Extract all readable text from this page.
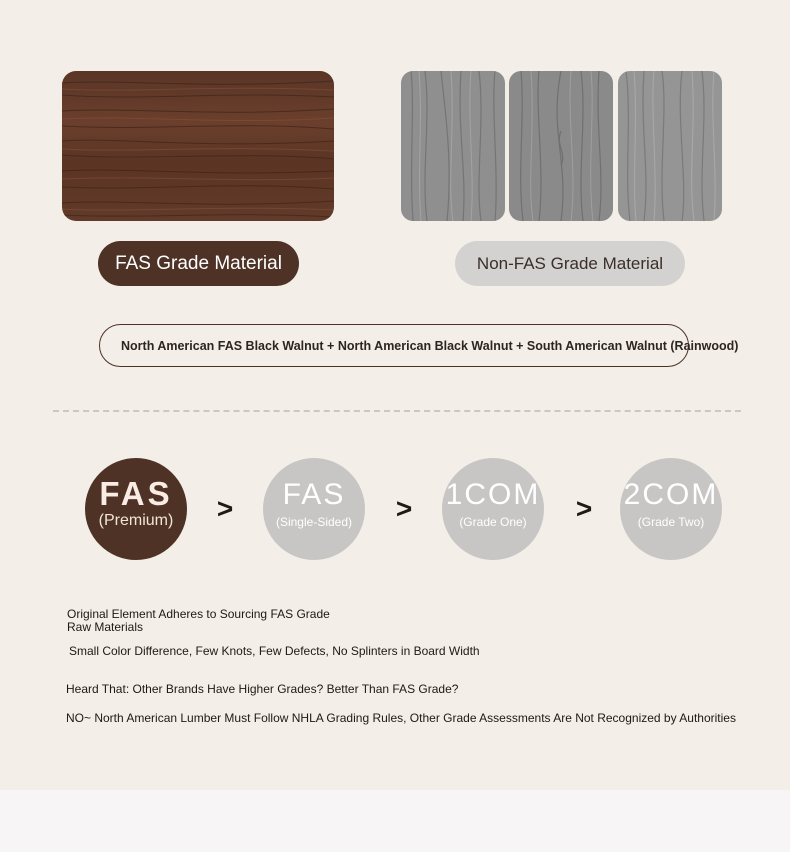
FAS Grade Material	Non-FAS Grade Material
North American FAS Black Walnut + North American Black Walnut + South American Walnut (Rainwood)
FAS
(Premium)	>	FAS
(Single-Sided)	> 1COM
(Grade One)	> 2COM
(Grade Two)
Original Element Adheres to Sourcing FAS Grade
Raw Materials
Small Color Difference, Few Knots, Few Defects, No Splinters in Board Width
Heard That: Other Brands Have Higher Grades? Better Than FAS Grade?
NO~ North American Lumber Must Follow NHLA Grading Rules, Other Grade Assessments Are Not Recognized by Authorities
